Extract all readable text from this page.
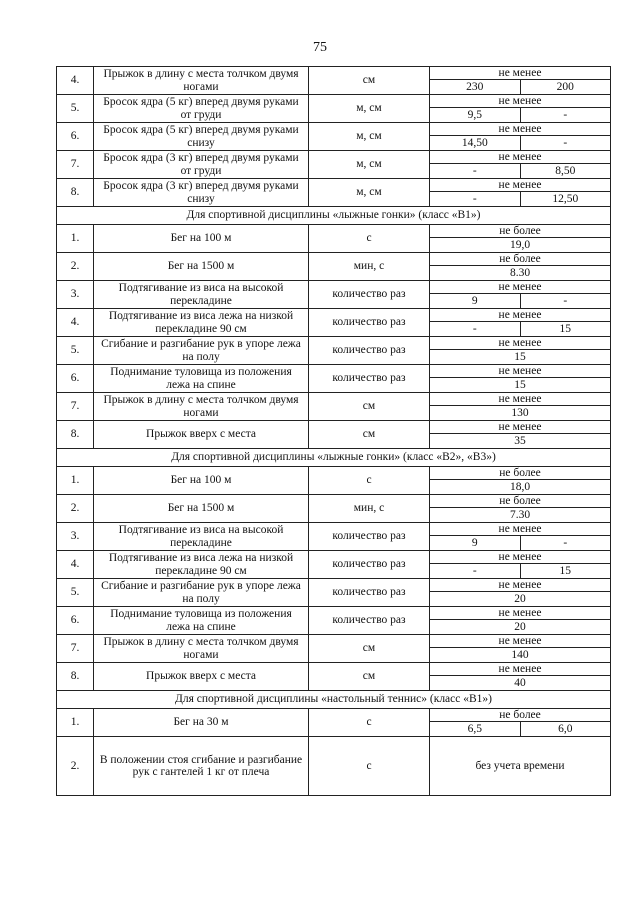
75
4.	Прыжок в длину с места толчком двумя ногами	см	не менее	
			230	200
5.	Бросок ядра (5 кг) вперед двумя руками от груди	м, см	не менее	
			9,5	-
6.	Бросок ядра (5 кг) вперед двумя руками снизу	м, см	не менее	
			14,50	-
7.	Бросок ядра (3 кг) вперед двумя руками от груди	м, см	не менее	
			-	8,50
8.	Бросок ядра (3 кг) вперед двумя руками снизу	м, см	не менее	
			-	12,50
Для спортивной дисциплины «лыжные гонки» (класс «В1»)				
1.	Бег на 100 м	с	не более	
			19,0	
2.	Бег на 1500 м	мин, с	не более	
			8.30	
3.	Подтягивание из виса на высокой перекладине	количество раз	не менее	
			9	-
4.	Подтягивание из виса лежа на низкой перекладине 90 см	количество раз	не менее	
			-	15
5.	Сгибание и разгибание рук в упоре лежа на полу	количество раз	не менее	
			15	
6.	Поднимание туловища из положения лежа на спине	количество раз	не менее	
			15	
7.	Прыжок в длину с места толчком двумя ногами	см	не менее	
			130	
8.	Прыжок вверх с места	см	не менее	
			35	
Для спортивной дисциплины «лыжные гонки» (класс «В2», «В3»)				
1.	Бег на 100 м	с	не более	
			18,0	
2.	Бег на 1500 м	мин, с	не более	
			7.30	
3.	Подтягивание из виса на высокой перекладине	количество раз	не менее	
			9	-
4.	Подтягивание из виса лежа на низкой перекладине 90 см	количество раз	не менее	
			-	15
5.	Сгибание и разгибание рук в упоре лежа на полу	количество раз	не менее	
			20	
6.	Поднимание туловища из положения лежа на спине	количество раз	не менее	
			20	
7.	Прыжок в длину с места толчком двумя ногами	см	не менее	
			140	
8.	Прыжок вверх с места	см	не менее	
			40	
Для спортивной дисциплины «настольный теннис» (класс «В1»)				
1.	Бег на 30 м	с	не более	
			6,5	6,0
2.	В положении стоя сгибание и разгибание рук с гантелей 1 кг от плеча	с	без учета времени	
